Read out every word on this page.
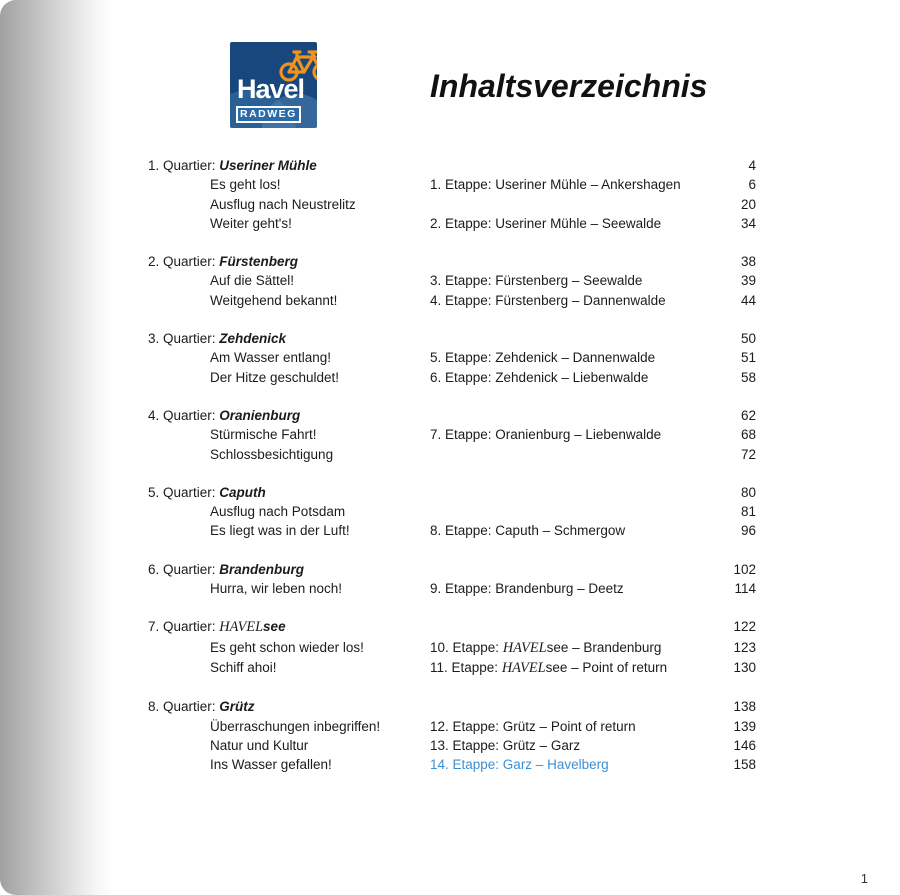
Havel
RADWEG
Inhaltsverzeichnis
1. Quartier: Useriner Mühle	4
Es geht los!	1. Etappe: Useriner Mühle – Ankershagen	6
Ausflug nach Neustrelitz	20
Weiter geht's!	2. Etappe: Useriner Mühle – Seewalde	34
2. Quartier: Fürstenberg	38
Auf die Sättel!	3. Etappe: Fürstenberg – Seewalde	39
Weitgehend bekannt!	4. Etappe: Fürstenberg – Dannenwalde	44
3. Quartier: Zehdenick	50
Am Wasser entlang!	5. Etappe: Zehdenick – Dannenwalde	51
Der Hitze geschuldet!	6. Etappe: Zehdenick – Liebenwalde	58
4. Quartier: Oranienburg	62
Stürmische Fahrt!	7. Etappe: Oranienburg – Liebenwalde	68
Schlossbesichtigung	72
5. Quartier: Caputh	80
Ausflug nach Potsdam	81
Es liegt was in der Luft!	8. Etappe: Caputh – Schmergow	96
6. Quartier: Brandenburg	102
Hurra, wir leben noch!	9. Etappe: Brandenburg – Deetz	114
7. Quartier: HAVELsee	122
Es geht schon wieder los!	10. Etappe: HAVELsee – Brandenburg	123
Schiff ahoi!	11. Etappe: HAVELsee – Point of return	130
8. Quartier: Grütz	138
Überraschungen inbegriffen!	12. Etappe: Grütz – Point of return	139
Natur und Kultur	13. Etappe: Grütz – Garz	146
Ins Wasser gefallen!	14. Etappe: Garz – Havelberg	158
1
